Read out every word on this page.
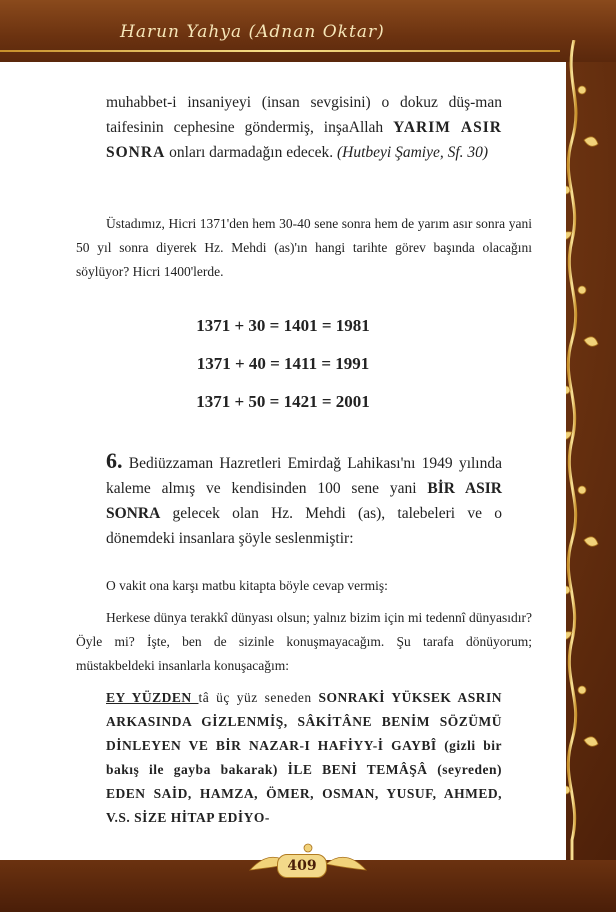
Harun Yahya (Adnan Oktar)
muhabbet-i insaniyeyi (insan sevgisini) o dokuz düş-man taifesinin cephesine göndermiş, inşaAllah YARIM ASIR SONRA onları darmadağın edecek. (Hutbeyi Şamiye, Sf. 30)
Üstadımız, Hicri 1371'den hem 30-40 sene sonra hem de yarım asır sonra yani 50 yıl sonra diyerek Hz. Mehdi (as)'ın hangi tarihte görev başında olacağını söylüyor? Hicri 1400'lerde.
1371 + 30 = 1401 = 1981
1371 + 40 = 1411 = 1991
1371 + 50 = 1421 = 2001
6. Bediüzzaman Hazretleri Emirdağ Lahikası'nı 1949 yılında kaleme almış ve kendisinden 100 sene yani BİR ASIR SONRA gelecek olan Hz. Mehdi (as), talebeleri ve o dönemdeki insanlara şöyle seslenmiştir:
O vakit ona karşı matbu kitapta böyle cevap vermiş:
Herkese dünya terakkî dünyası olsun; yalnız bizim için mi tedennî dünyasıdır? Öyle mi? İşte, ben de sizinle konuşmayacağım. Şu tarafa dönüyorum; müstakbeldeki insanlarla konuşacağım:
EY YÜZDEN tâ üç yüz seneden SONRAKİ YÜKSEK ASRIN ARKASINDA GİZLENMİŞ, SÂKİTÂNE BENİM SÖZÜMÜ DİNLEYEN VE BİR NAZAR-I HAFİYY-İ GAYBÎ (gizli bir bakış ile gayba bakarak) İLE BENİ TEMÂŞÂ (seyreden) EDEN SAİD, HAMZA, ÖMER, OSMAN, YUSUF, AHMED, V.S. SİZE HİTAP EDİYO-
409
